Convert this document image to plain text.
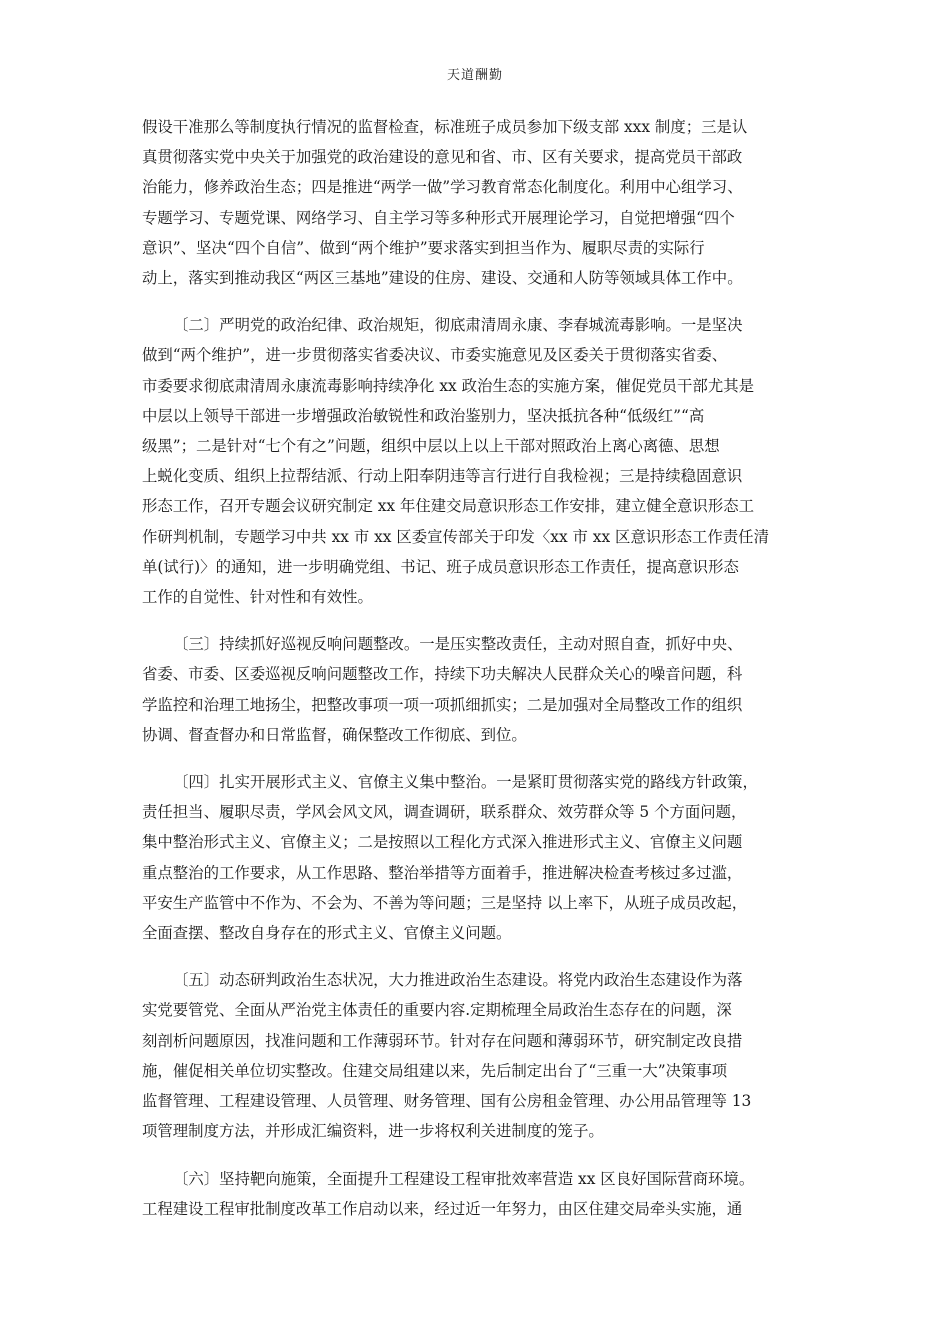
天道酬勤
假设干准那么等制度执行情况的监督检查，标准班子成员参加下级支部 xxx 制度；三是认
真贯彻落实党中央关于加强党的政治建设的意见和省、市、区有关要求，提高党员干部政
治能力，修养政治生态；四是推进“两学一做”学习教育常态化制度化。利用中心组学习、
专题学习、专题党课、网络学习、自主学习等多种形式开展理论学习，自觉把增强“四个
意识”、坚决“四个自信”、做到“两个维护”要求落实到担当作为、履职尽责的实际行
动上，落实到推动我区“两区三基地”建设的住房、建设、交通和人防等领域具体工作中。
〔二〕严明党的政治纪律、政治规矩，彻底肃清周永康、李春城流毒影响。一是坚决
做到“两个维护”，进一步贯彻落实省委决议、市委实施意见及区委关于贯彻落实省委、
市委要求彻底肃清周永康流毒影响持续净化 xx 政治生态的实施方案，催促党员干部尤其是
中层以上领导干部进一步增强政治敏锐性和政治鉴别力，坚决抵抗各种“低级红”“高
级黑”；二是针对“七个有之”问题，组织中层以上以上干部对照政治上离心离德、思想
上蜕化变质、组织上拉帮结派、行动上阳奉阴违等言行进行自我检视；三是持续稳固意识
形态工作，召开专题会议研究制定 xx 年住建交局意识形态工作安排，建立健全意识形态工
作研判机制，专题学习中共 xx 市 xx 区委宣传部关于印发〈xx 市 xx 区意识形态工作责任清
单(试行)〉的通知，进一步明确党组、书记、班子成员意识形态工作责任，提高意识形态
工作的自觉性、针对性和有效性。
〔三〕持续抓好巡视反响问题整改。一是压实整改责任，主动对照自查，抓好中央、
省委、市委、区委巡视反响问题整改工作，持续下功夫解决人民群众关心的噪音问题，科
学监控和治理工地扬尘，把整改事项一项一项抓细抓实；二是加强对全局整改工作的组织
协调、督查督办和日常监督，确保整改工作彻底、到位。
〔四〕扎实开展形式主义、官僚主义集中整治。一是紧盯贯彻落实党的路线方针政策，
责任担当、履职尽责，学风会风文风，调查调研，联系群众、效劳群众等 5 个方面问题，
集中整治形式主义、官僚主义；二是按照以工程化方式深入推进形式主义、官僚主义问题
重点整治的工作要求，从工作思路、整治举措等方面着手，推进解决检查考核过多过滥，
平安生产监管中不作为、不会为、不善为等问题；三是坚持 以上率下，从班子成员改起，
全面查摆、整改自身存在的形式主义、官僚主义问题。
〔五〕动态研判政治生态状况，大力推进政治生态建设。将党内政治生态建设作为落
实党要管党、全面从严治党主体责任的重要内容.定期梳理全局政治生态存在的问题，深
刻剖析问题原因，找准问题和工作薄弱环节。针对存在问题和薄弱环节，研究制定改良措
施，催促相关单位切实整改。住建交局组建以来，先后制定出台了“三重一大”决策事项
监督管理、工程建设管理、人员管理、财务管理、国有公房租金管理、办公用品管理等 13
项管理制度方法，并形成汇编资料，进一步将权利关进制度的笼子。
〔六〕坚持靶向施策，全面提升工程建设工程审批效率营造 xx 区良好国际营商环境。
工程建设工程审批制度改革工作启动以来，经过近一年努力，由区住建交局牵头实施，通
